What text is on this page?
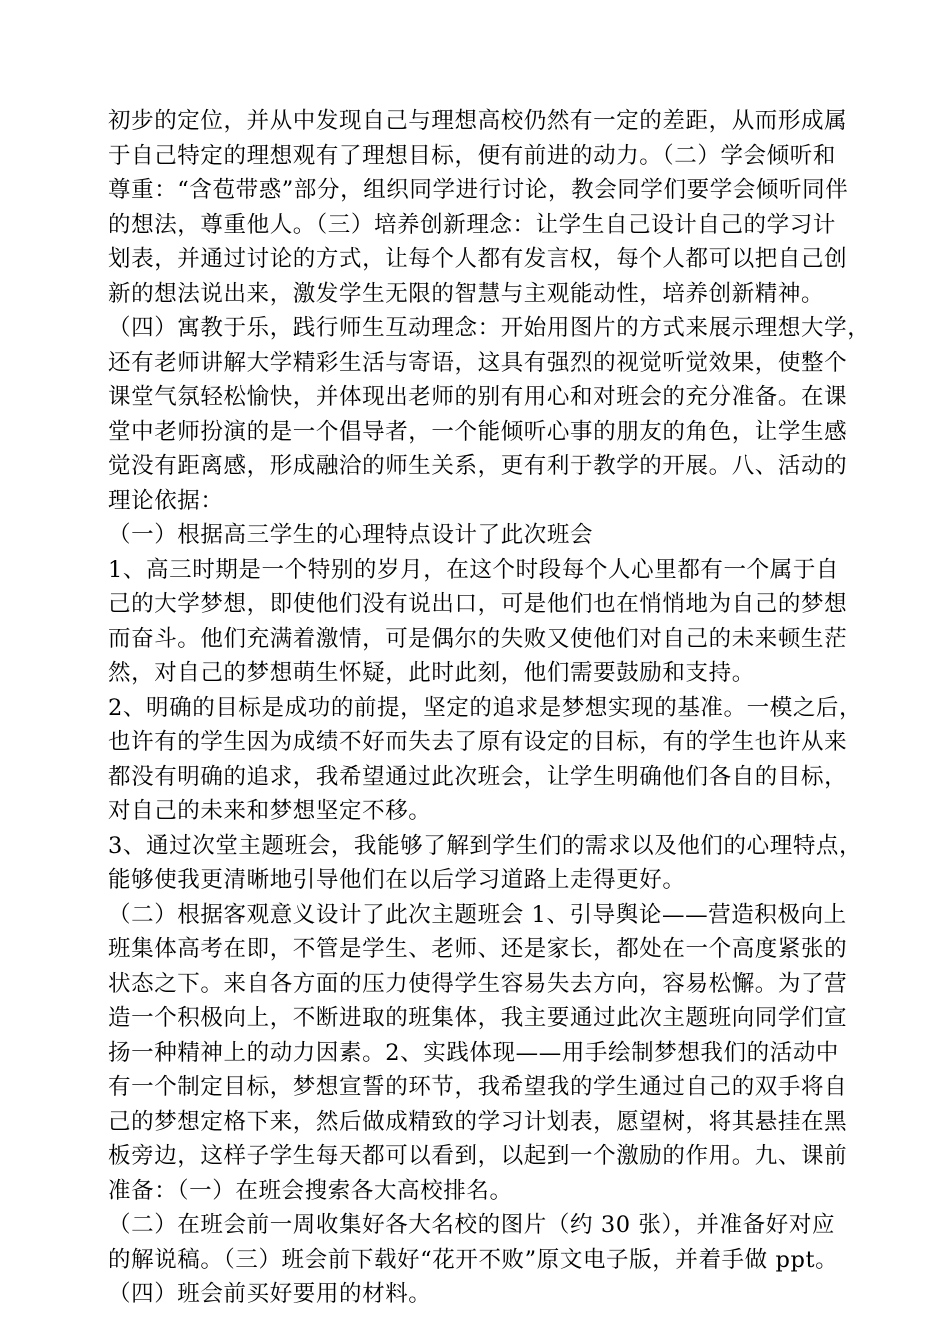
初步的定位，并从中发现自己与理想高校仍然有一定的差距，从而形成属
于自己特定的理想观有了理想目标，便有前进的动力。（二）学会倾听和
尊重：“含苞带惑”部分，组织同学进行讨论，教会同学们要学会倾听同伴
的想法，尊重他人。（三）培养创新理念：让学生自己设计自己的学习计
划表，并通过讨论的方式，让每个人都有发言权，每个人都可以把自己创
新的想法说出来，激发学生无限的智慧与主观能动性，培养创新精神。
（四）寓教于乐，践行师生互动理念：开始用图片的方式来展示理想大学，
还有老师讲解大学精彩生活与寄语，这具有强烈的视觉听觉效果，使整个
课堂气氛轻松愉快，并体现出老师的别有用心和对班会的充分准备。在课
堂中老师扮演的是一个倡导者，一个能倾听心事的朋友的角色，让学生感
觉没有距离感，形成融洽的师生关系，更有利于教学的开展。八、活动的
理论依据：
（一）根据高三学生的心理特点设计了此次班会
1、高三时期是一个特别的岁月，在这个时段每个人心里都有一个属于自
己的大学梦想，即使他们没有说出口，可是他们也在悄悄地为自己的梦想
而奋斗。他们充满着激情，可是偶尔的失败又使他们对自己的未来顿生茫
然，对自己的梦想萌生怀疑，此时此刻，他们需要鼓励和支持。
2、明确的目标是成功的前提，坚定的追求是梦想实现的基准。一模之后，
也许有的学生因为成绩不好而失去了原有设定的目标，有的学生也许从来
都没有明确的追求，我希望通过此次班会，让学生明确他们各自的目标，
对自己的未来和梦想坚定不移。
3、通过次堂主题班会，我能够了解到学生们的需求以及他们的心理特点，
能够使我更清晰地引导他们在以后学习道路上走得更好。
（二）根据客观意义设计了此次主题班会 1、引导舆论——营造积极向上
班集体高考在即，不管是学生、老师、还是家长，都处在一个高度紧张的
状态之下。来自各方面的压力使得学生容易失去方向，容易松懈。为了营
造一个积极向上，不断进取的班集体，我主要通过此次主题班向同学们宣
扬一种精神上的动力因素。2、实践体现——用手绘制梦想我们的活动中
有一个制定目标，梦想宣誓的环节，我希望我的学生通过自己的双手将自
己的梦想定格下来，然后做成精致的学习计划表，愿望树，将其悬挂在黑
板旁边，这样子学生每天都可以看到，以起到一个激励的作用。九、课前
准备：（一）在班会搜索各大高校排名。
（二）在班会前一周收集好各大名校的图片（约 30 张），并准备好对应
的解说稿。（三）班会前下载好“花开不败”原文电子版，并着手做 ppt。
（四）班会前买好要用的材料。
